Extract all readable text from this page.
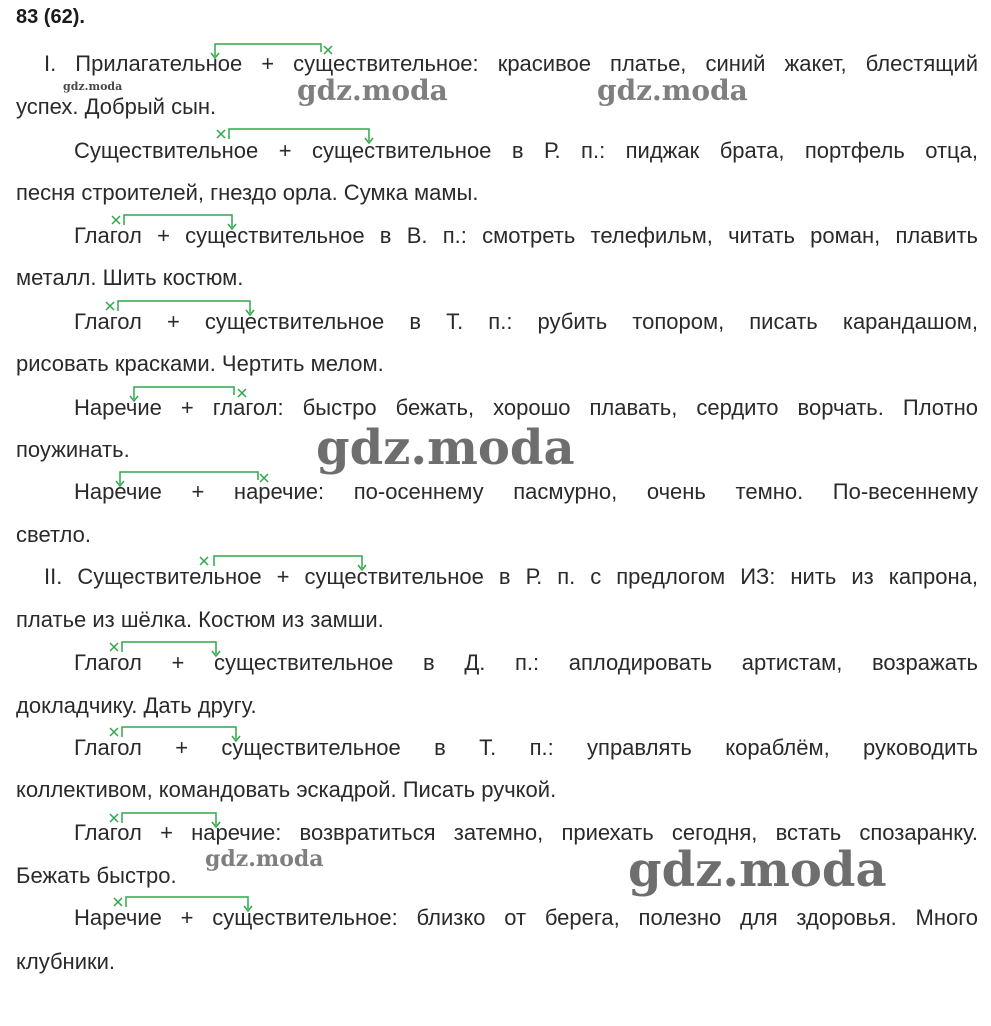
83 (62).
I. Прилагательное + существительное: красивое платье, синий жакет, блестящий
успех. Добрый сын.
Существительное + существительное в Р. п.: пиджак брата, портфель отца,
песня строителей, гнездо орла. Сумка мамы.
Глагол + существительное в В. п.: смотреть телефильм, читать роман, плавить
металл. Шить костюм.
Глагол + существительное в Т. п.: рубить топором, писать карандашом,
рисовать красками. Чертить мелом.
Наречие + глагол: быстро бежать, хорошо плавать, сердито ворчать. Плотно
поужинать.
Наречие + наречие: по-осеннему пасмурно, очень темно. По-весеннему
светло.
II. Существительное + существительное в Р. п. с предлогом ИЗ: нить из капрона,
платье из шёлка. Костюм из замши.
Глагол + существительное в Д. п.: аплодировать артистам, возражать
докладчику. Дать другу.
Глагол + существительное в Т. п.: управлять кораблём, руководить
коллективом, командовать эскадрой. Писать ручкой.
Глагол + наречие: возвратиться затемно, приехать сегодня, встать спозаранку.
Бежать быстро.
Наречие + существительное: близко от берега, полезно для здоровья. Много
клубники.
gdz.moda	gdz.moda	gdz.moda
gdz.moda
gdz.moda	gdz.moda
